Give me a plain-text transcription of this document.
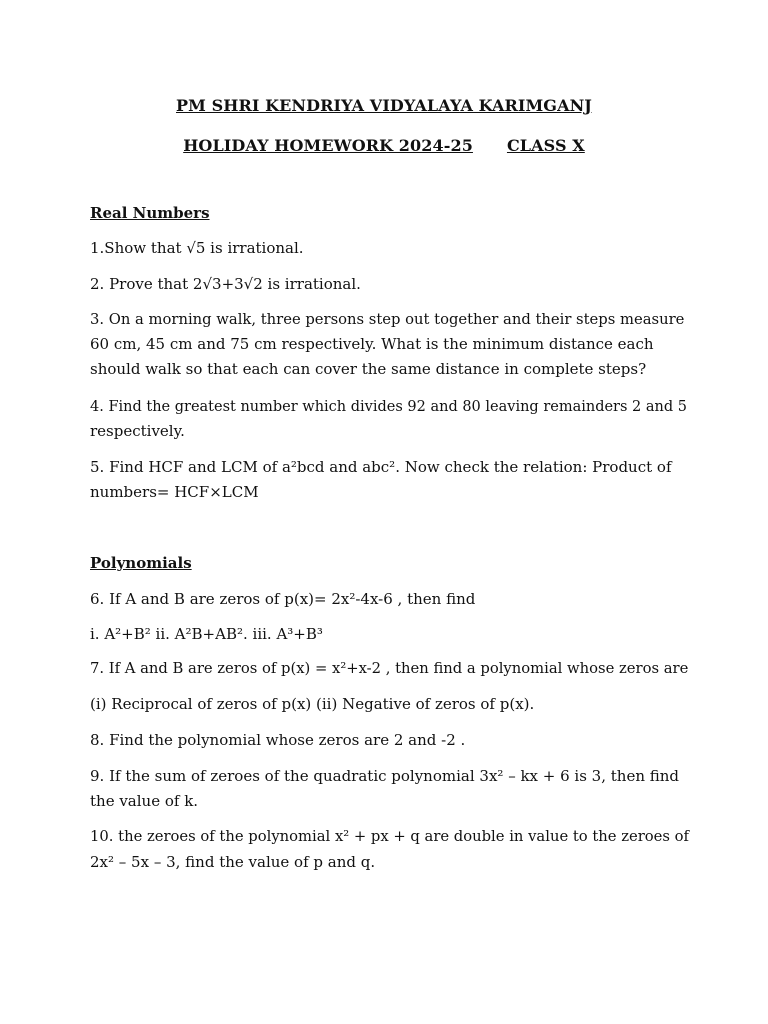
PM SHRI KENDRIYA VIDYALAYA KARIMGANJ
HOLIDAY HOMEWORK 2024-25 CLASS X
Real Numbers
1.Show that √5 is irrational.
2. Prove that 2√3+3√2 is irrational.
3. On a morning walk, three persons step out together and their steps measure
60 cm, 45 cm and 75 cm respectively. What is the minimum distance each
should walk so that each can cover the same distance in complete steps?
4. Find the greatest number which divides 92 and 80 leaving remainders 2 and 5
respectively.
5. Find HCF and LCM of a²bcd and abc². Now check the relation: Product of
numbers= HCF×LCM
Polynomials
6. If A and B are zeros of p(x)= 2x²-4x-6 , then find
i. A²+B² ii. A²B+AB². iii. A³+B³
7. If A and B are zeros of p(x) = x²+x-2 , then find a polynomial whose zeros are
(i) Reciprocal of zeros of p(x) (ii) Negative of zeros of p(x).
8. Find the polynomial whose zeros are 2 and -2 .
9. If the sum of zeroes of the quadratic polynomial 3x² – kx + 6 is 3, then find
the value of k.
10. the zeroes of the polynomial x² + px + q are double in value to the zeroes of
2x² – 5x – 3, find the value of p and q.
